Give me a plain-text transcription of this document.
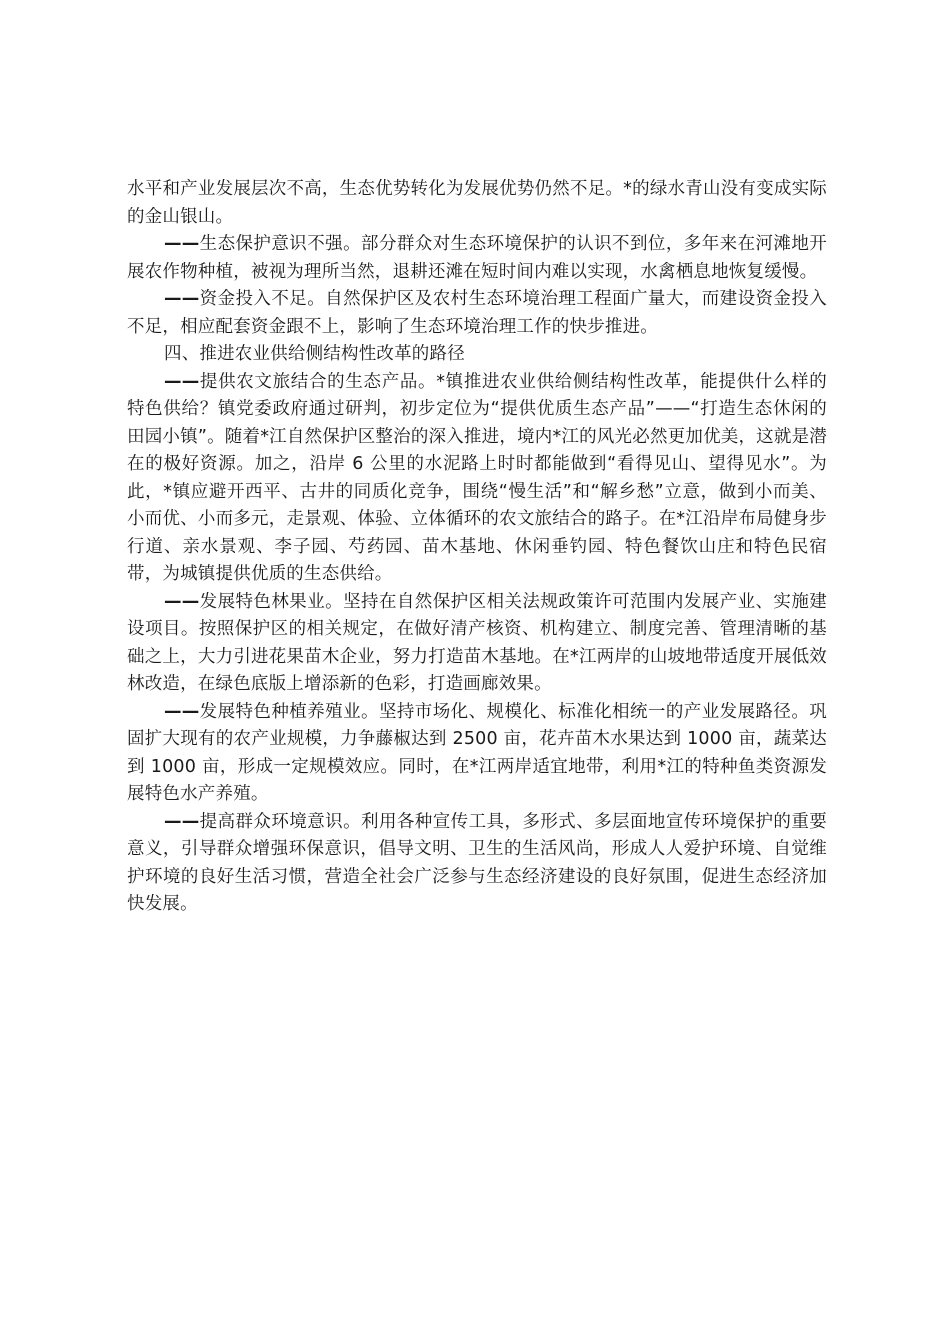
水平和产业发展层次不高，生态优势转化为发展优势仍然不足。*的绿水青山没有变成实际的金山银山。

——生态保护意识不强。部分群众对生态环境保护的认识不到位，多年来在河滩地开展农作物种植，被视为理所当然，退耕还滩在短时间内难以实现，水禽栖息地恢复缓慢。

——资金投入不足。自然保护区及农村生态环境治理工程面广量大，而建设资金投入不足，相应配套资金跟不上，影响了生态环境治理工作的快步推进。

四、推进农业供给侧结构性改革的路径

——提供农文旅结合的生态产品。*镇推进农业供给侧结构性改革，能提供什么样的特色供给？镇党委政府通过研判，初步定位为“提供优质生态产品”——“打造生态休闲的田园小镇”。随着*江自然保护区整治的深入推进，境内*江的风光必然更加优美，这就是潜在的极好资源。加之，沿岸 6 公里的水泥路上时时都能做到“看得见山、望得见水”。为此，*镇应避开西平、古井的同质化竞争，围绕“慢生活”和“解乡愁”立意，做到小而美、小而优、小而多元，走景观、体验、立体循环的农文旅结合的路子。在*江沿岸布局健身步行道、亲水景观、李子园、芍药园、苗木基地、休闲垂钓园、特色餐饮山庄和特色民宿带，为城镇提供优质的生态供给。

——发展特色林果业。坚持在自然保护区相关法规政策许可范围内发展产业、实施建设项目。按照保护区的相关规定，在做好清产核资、机构建立、制度完善、管理清晰的基础之上，大力引进花果苗木企业，努力打造苗木基地。在*江两岸的山坡地带适度开展低效林改造，在绿色底版上增添新的色彩，打造画廊效果。

——发展特色种植养殖业。坚持市场化、规模化、标准化相统一的产业发展路径。巩固扩大现有的农产业规模，力争藤椒达到 2500 亩，花卉苗木水果达到 1000 亩，蔬菜达到 1000 亩，形成一定规模效应。同时，在*江两岸适宜地带，利用*江的特种鱼类资源发展特色水产养殖。

——提高群众环境意识。利用各种宣传工具，多形式、多层面地宣传环境保护的重要意义，引导群众增强环保意识，倡导文明、卫生的生活风尚，形成人人爱护环境、自觉维护环境的良好生活习惯，营造全社会广泛参与生态经济建设的良好氛围，促进生态经济加快发展。
